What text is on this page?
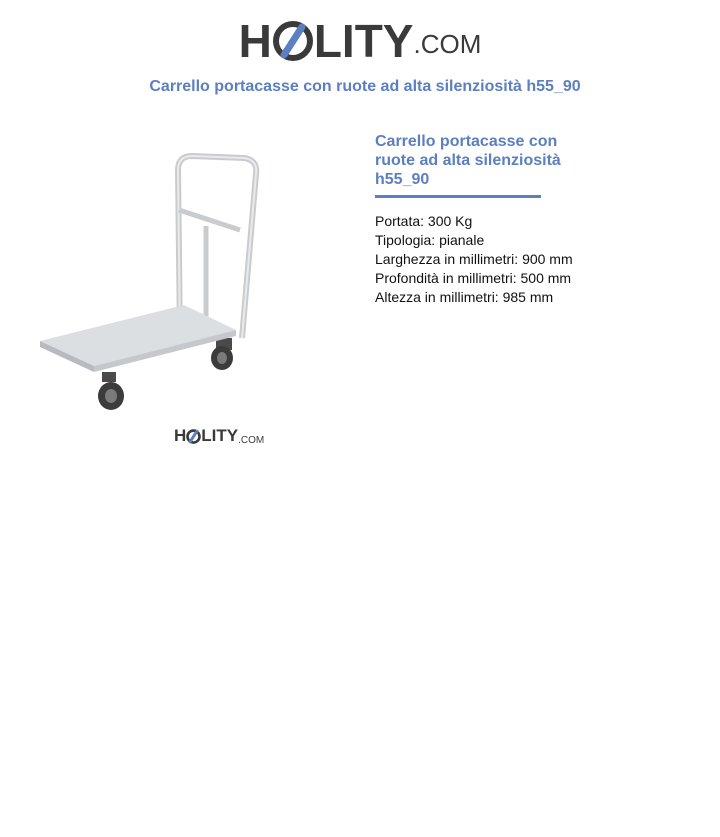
H LITY.COM
Carrello portacasse con ruote ad alta silenziosità h55_90
H LITY.COM
Carrello portacasse con ruote ad alta silenziosità h55_90
Portata: 300 Kg
Tipologia: pianale
Larghezza in millimetri: 900 mm
Profondità in millimetri: 500 mm
Altezza in millimetri: 985 mm
